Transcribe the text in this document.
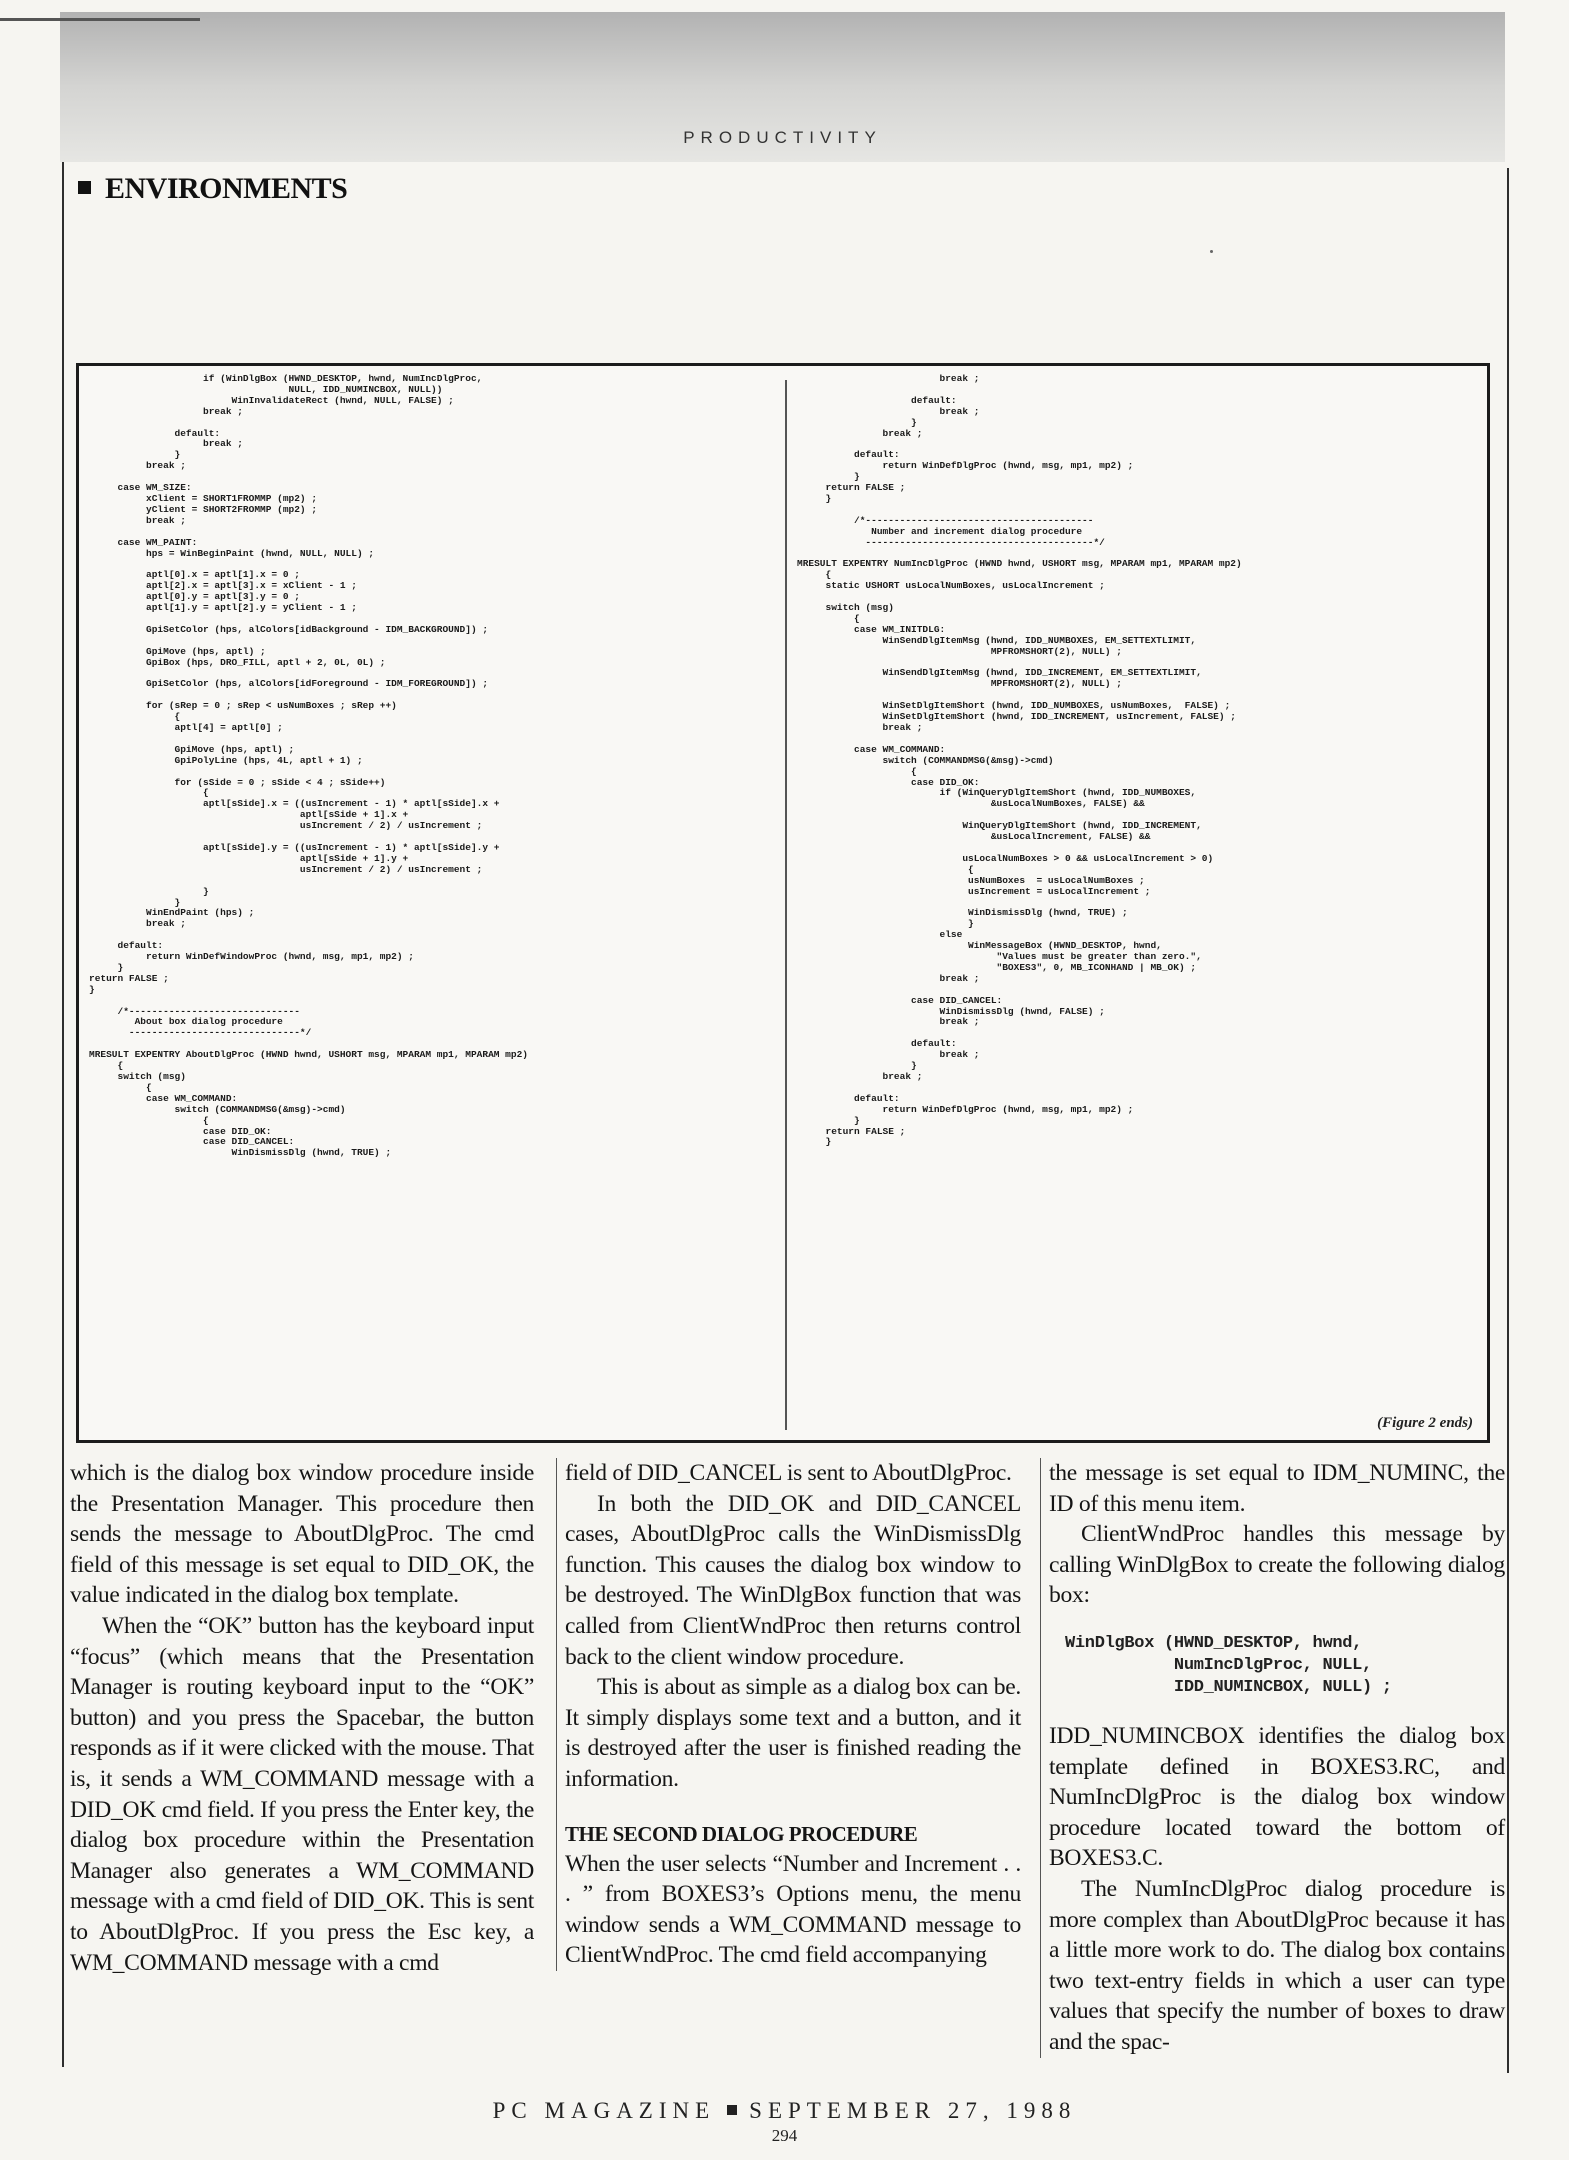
PRODUCTIVITY
ENVIRONMENTS
if (WinDlgBox (HWND_DESKTOP, hwnd, NumIncDlgProc,
NULL, IDD_NUMINCBOX, NULL))
WinInvalidateRect (hwnd, NULL, FALSE) ;
break ;

default:
break ;
}
break ;

case WM_SIZE:
xClient = SHORT1FROMMP (mp2) ;
yClient = SHORT2FROMMP (mp2) ;
break ;

case WM_PAINT:
hps = WinBeginPaint (hwnd, NULL, NULL) ;

aptl[0].x = aptl[1].x = 0 ;
aptl[2].x = aptl[3].x = xClient - 1 ;
aptl[0].y = aptl[3].y = 0 ;
aptl[1].y = aptl[2].y = yClient - 1 ;

GpiSetColor (hps, alColors[idBackground - IDM_BACKGROUND]) ;

GpiMove (hps, aptl) ;
GpiBox (hps, DRO_FILL, aptl + 2, 0L, 0L) ;

GpiSetColor (hps, alColors[idForeground - IDM_FOREGROUND]) ;

for (sRep = 0 ; sRep < usNumBoxes ; sRep ++)
{
aptl[4] = aptl[0] ;

GpiMove (hps, aptl) ;
GpiPolyLine (hps, 4L, aptl + 1) ;

for (sSide = 0 ; sSide < 4 ; sSide++)
{
aptl[sSide].x = ((usIncrement - 1) * aptl[sSide].x +
aptl[sSide + 1].x +
usIncrement / 2) / usIncrement ;

aptl[sSide].y = ((usIncrement - 1) * aptl[sSide].y +
aptl[sSide + 1].y +
usIncrement / 2) / usIncrement ;

}
}
WinEndPaint (hps) ;
break ;

default:
return WinDefWindowProc (hwnd, msg, mp1, mp2) ;
}
return FALSE ;
}

/*------------------------------
About box dialog procedure
------------------------------*/

MRESULT EXPENTRY AboutDlgProc (HWND hwnd, USHORT msg, MPARAM mp1, MPARAM mp2)
{
switch (msg)
{
case WM_COMMAND:
switch (COMMANDMSG(&msg)->cmd)
{
case DID_OK:
case DID_CANCEL:
WinDismissDlg (hwnd, TRUE) ;
break ;

default:
break ;
}
break ;

default:
return WinDefDlgProc (hwnd, msg, mp1, mp2) ;
}
return FALSE ;
}

/*----------------------------------------
Number and increment dialog procedure
----------------------------------------*/

MRESULT EXPENTRY NumIncDlgProc (HWND hwnd, USHORT msg, MPARAM mp1, MPARAM mp2)
{
static USHORT usLocalNumBoxes, usLocalIncrement ;

switch (msg)
{
case WM_INITDLG:
WinSendDlgItemMsg (hwnd, IDD_NUMBOXES, EM_SETTEXTLIMIT,
MPFROMSHORT(2), NULL) ;

WinSendDlgItemMsg (hwnd, IDD_INCREMENT, EM_SETTEXTLIMIT,
MPFROMSHORT(2), NULL) ;

WinSetDlgItemShort (hwnd, IDD_NUMBOXES, usNumBoxes,  FALSE) ;
WinSetDlgItemShort (hwnd, IDD_INCREMENT, usIncrement, FALSE) ;
break ;

case WM_COMMAND:
switch (COMMANDMSG(&msg)->cmd)
{
case DID_OK:
if (WinQueryDlgItemShort (hwnd, IDD_NUMBOXES,
&usLocalNumBoxes, FALSE) &&

WinQueryDlgItemShort (hwnd, IDD_INCREMENT,
&usLocalIncrement, FALSE) &&

usLocalNumBoxes > 0 && usLocalIncrement > 0)
{
usNumBoxes  = usLocalNumBoxes ;
usIncrement = usLocalIncrement ;

WinDismissDlg (hwnd, TRUE) ;
}
else
WinMessageBox (HWND_DESKTOP, hwnd,
"Values must be greater than zero.",
"BOXES3", 0, MB_ICONHAND | MB_OK) ;
break ;

case DID_CANCEL:
WinDismissDlg (hwnd, FALSE) ;
break ;

default:
break ;
}
break ;

default:
return WinDefDlgProc (hwnd, msg, mp1, mp2) ;
}
return FALSE ;
}
(Figure 2 ends)

which is the dialog box window procedure inside the Presentation Manager. This procedure then sends the message to AboutDlgProc. The cmd field of this message is set equal to DID_OK, the value indicated in the dialog box template.

When the “OK” button has the keyboard input “focus” (which means that the Presentation Manager is routing keyboard input to the “OK” button) and you press the Spacebar, the button responds as if it were clicked with the mouse. That is, it sends a WM_COMMAND message with a DID_OK cmd field. If you press the Enter key, the dialog box procedure within the Presentation Manager also generates a WM_COMMAND message with a cmd field of DID_OK. This is sent to AboutDlgProc. If you press the Esc key, a WM_COMMAND message with a cmd

field of DID_CANCEL is sent to AboutDlgProc.

In both the DID_OK and DID_CANCEL cases, AboutDlgProc calls the WinDismissDlg function. This causes the dialog box window to be destroyed. The WinDlgBox function that was called from ClientWndProc then returns control back to the client window procedure.

This is about as simple as a dialog box can be. It simply displays some text and a button, and it is destroyed after the user is finished reading the information.

THE SECOND DIALOG PROCEDURE

When the user selects “Number and Increment . . . ” from BOXES3’s Options menu, the menu window sends a WM_COMMAND message to ClientWndProc. The cmd field accompanying

the message is set equal to IDM_NUMINC, the ID of this menu item.

ClientWndProc handles this message by calling WinDlgBox to create the following dialog box:

WinDlgBox (HWND_DESKTOP, hwnd,
NumIncDlgProc, NULL,
IDD_NUMINCBOX, NULL) ;

IDD_NUMINCBOX identifies the dialog box template defined in BOXES3.RC, and NumIncDlgProc is the dialog box window procedure located toward the bottom of BOXES3.C.

The NumIncDlgProc dialog procedure is more complex than AboutDlgProc because it has a little more work to do. The dialog box contains two text-entry fields in which a user can type values that specify the number of boxes to draw and the spac-

PC MAGAZINE SEPTEMBER 27, 1988
294
